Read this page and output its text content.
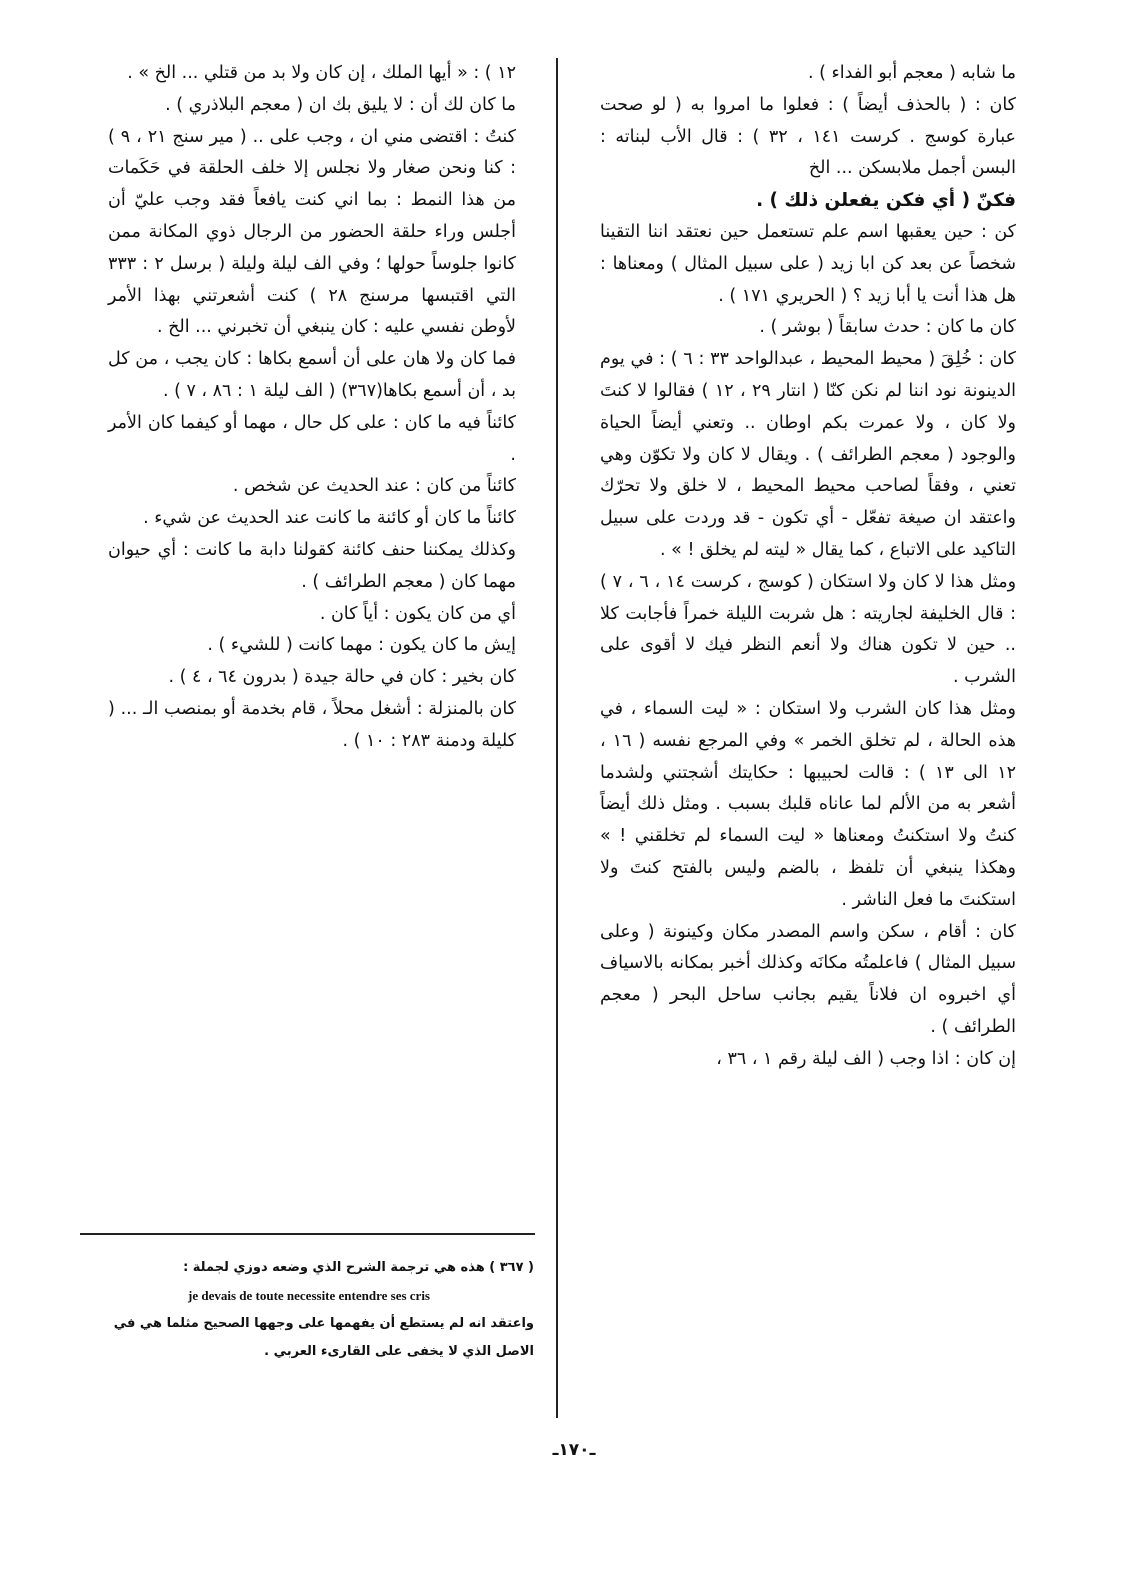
ما شابه ( معجم أبو الفداء ) .

كان : ( بالحذف أيضاً ) : فعلوا ما امروا به ( لو صحت عبارة كوسج . كرست ١٤١ ، ٣٢ ) : قال الأب لبناته : البسن أجمل ملابسكن ... الخ

فكنّ ( أي فكن يفعلن ذلك ) .

كن : حين يعقبها اسم علم تستعمل حين نعتقد اننا التقينا شخصاً عن بعد كن ابا زيد ( على سبيل المثال ) ومعناها : هل هذا أنت يا أبا زيد ؟ ( الحريري ١٧١ ) .

كان ما كان : حدث سابقاً ( بوشر ) .

كان : خُلِقَ ( محيط المحيط ، عبدالواحد ٣٣ : ٦ ) : في يوم الدينونة نود اننا لم نكن كنّا ( انتار ٢٩ ، ١٢ ) فقالوا لا كنتَ ولا كان ، ولا عمرت بكم اوطان .. وتعني أيضاً الحياة والوجود ( معجم الطرائف ) . ويقال لا كان ولا تكوّن وهي تعني ، وفقاً لصاحب محيط المحيط ، لا خلق ولا تحرّك واعتقد ان صيغة تفعّل - أي تكون - قد وردت على سبيل التاكيد على الاتباع ، كما يقال « ليته لم يخلق ! » .

ومثل هذا لا كان ولا استكان ( كوسج ، كرست ١٤ ، ٦ ، ٧ ) : قال الخليفة لجاريته : هل شربت الليلة خمراً فأجابت كلا .. حين لا تكون هناك ولا أنعم النظر فيك لا أقوى على الشرب .

ومثل هذا كان الشرب ولا استكان : « ليت السماء ، في هذه الحالة ، لم تخلق الخمر » وفي المرجع نفسه ( ١٦ ، ١٢ الى ١٣ ) : قالت لحبيبها : حكايتك أشجتني ولشدما أشعر به من الألم لما عاناه قلبك بسبب . ومثل ذلك أيضاً كنتُ ولا استكنتُ ومعناها « ليت السماء لم تخلقني ! » وهكذا ينبغي أن تلفظ ، بالضم وليس بالفتح كنتَ ولا استكنتَ ما فعل الناشر .

كان : أقام ، سكن واسم المصدر مكان وكينونة ( وعلى سبيل المثال ) فاعلمتُه مكانَه وكذلك أخبر بمكانه بالاسياف أي اخبروه ان فلاناً يقيم بجانب ساحل البحر ( معجم الطرائف ) .

إن كان : اذا وجب ( الف ليلة رقم ١ ، ٣٦ ،

١٢ ) : « أيها الملك ، إن كان ولا بد من قتلي ... الخ » .

ما كان لك أن : لا يليق بك ان ( معجم البلاذري ) .

كنتُ : اقتضى مني ان ، وجب على .. ( مير سنج ٢١ ، ٩ ) : كنا ونحن صغار ولا نجلس إلا خلف الحلقة في حَكَمات من هذا النمط : بما اني كنت يافعاً فقد وجب عليّ أن أجلس وراء حلقة الحضور من الرجال ذوي المكانة ممن كانوا جلوساً حولها ؛ وفي الف ليلة وليلة ( برسل ٢ : ٣٣٣ التي اقتبسها مرسنج ٢٨ ) كنت أشعرتني بهذا الأمر لأوطن نفسي عليه : كان ينبغي أن تخبرني ... الخ .

فما كان ولا هان على أن أسمع بكاها : كان يجب ، من كل بد ، أن أسمع بكاها(٣٦٧) ( الف ليلة ١ : ٨٦ ، ٧ ) .

كائناً فيه ما كان : على كل حال ، مهما أو كيفما كان الأمر .

كائناً من كان : عند الحديث عن شخص .

كائناً ما كان أو كائنة ما كانت عند الحديث عن شيء .

وكذلك يمكننا حنف كائنة كقولنا دابة ما كانت : أي حيوان مهما كان ( معجم الطرائف ) .

أي من كان يكون : أياً كان .

إيش ما كان يكون : مهما كانت ( للشيء ) .

كان بخير : كان في حالة جيدة ( بدرون ٦٤ ، ٤ ) .

كان بالمنزلة : أشغل محلاً ، قام بخدمة أو بمنصب الـ ... ( كليلة ودمنة ٢٨٣ : ١٠ ) .

( ٣٦٧ ) هذه هي ترجمة الشرح الذي وضعه دوزي لجملة :

je devais de toute necessite entendre ses cris

واعتقد انه لم يستطع أن يفهمها على وجهها الصحيح مثلما هي في الاصل الذي لا يخفى على القارىء العربي .

ـ١٧٠ـ
